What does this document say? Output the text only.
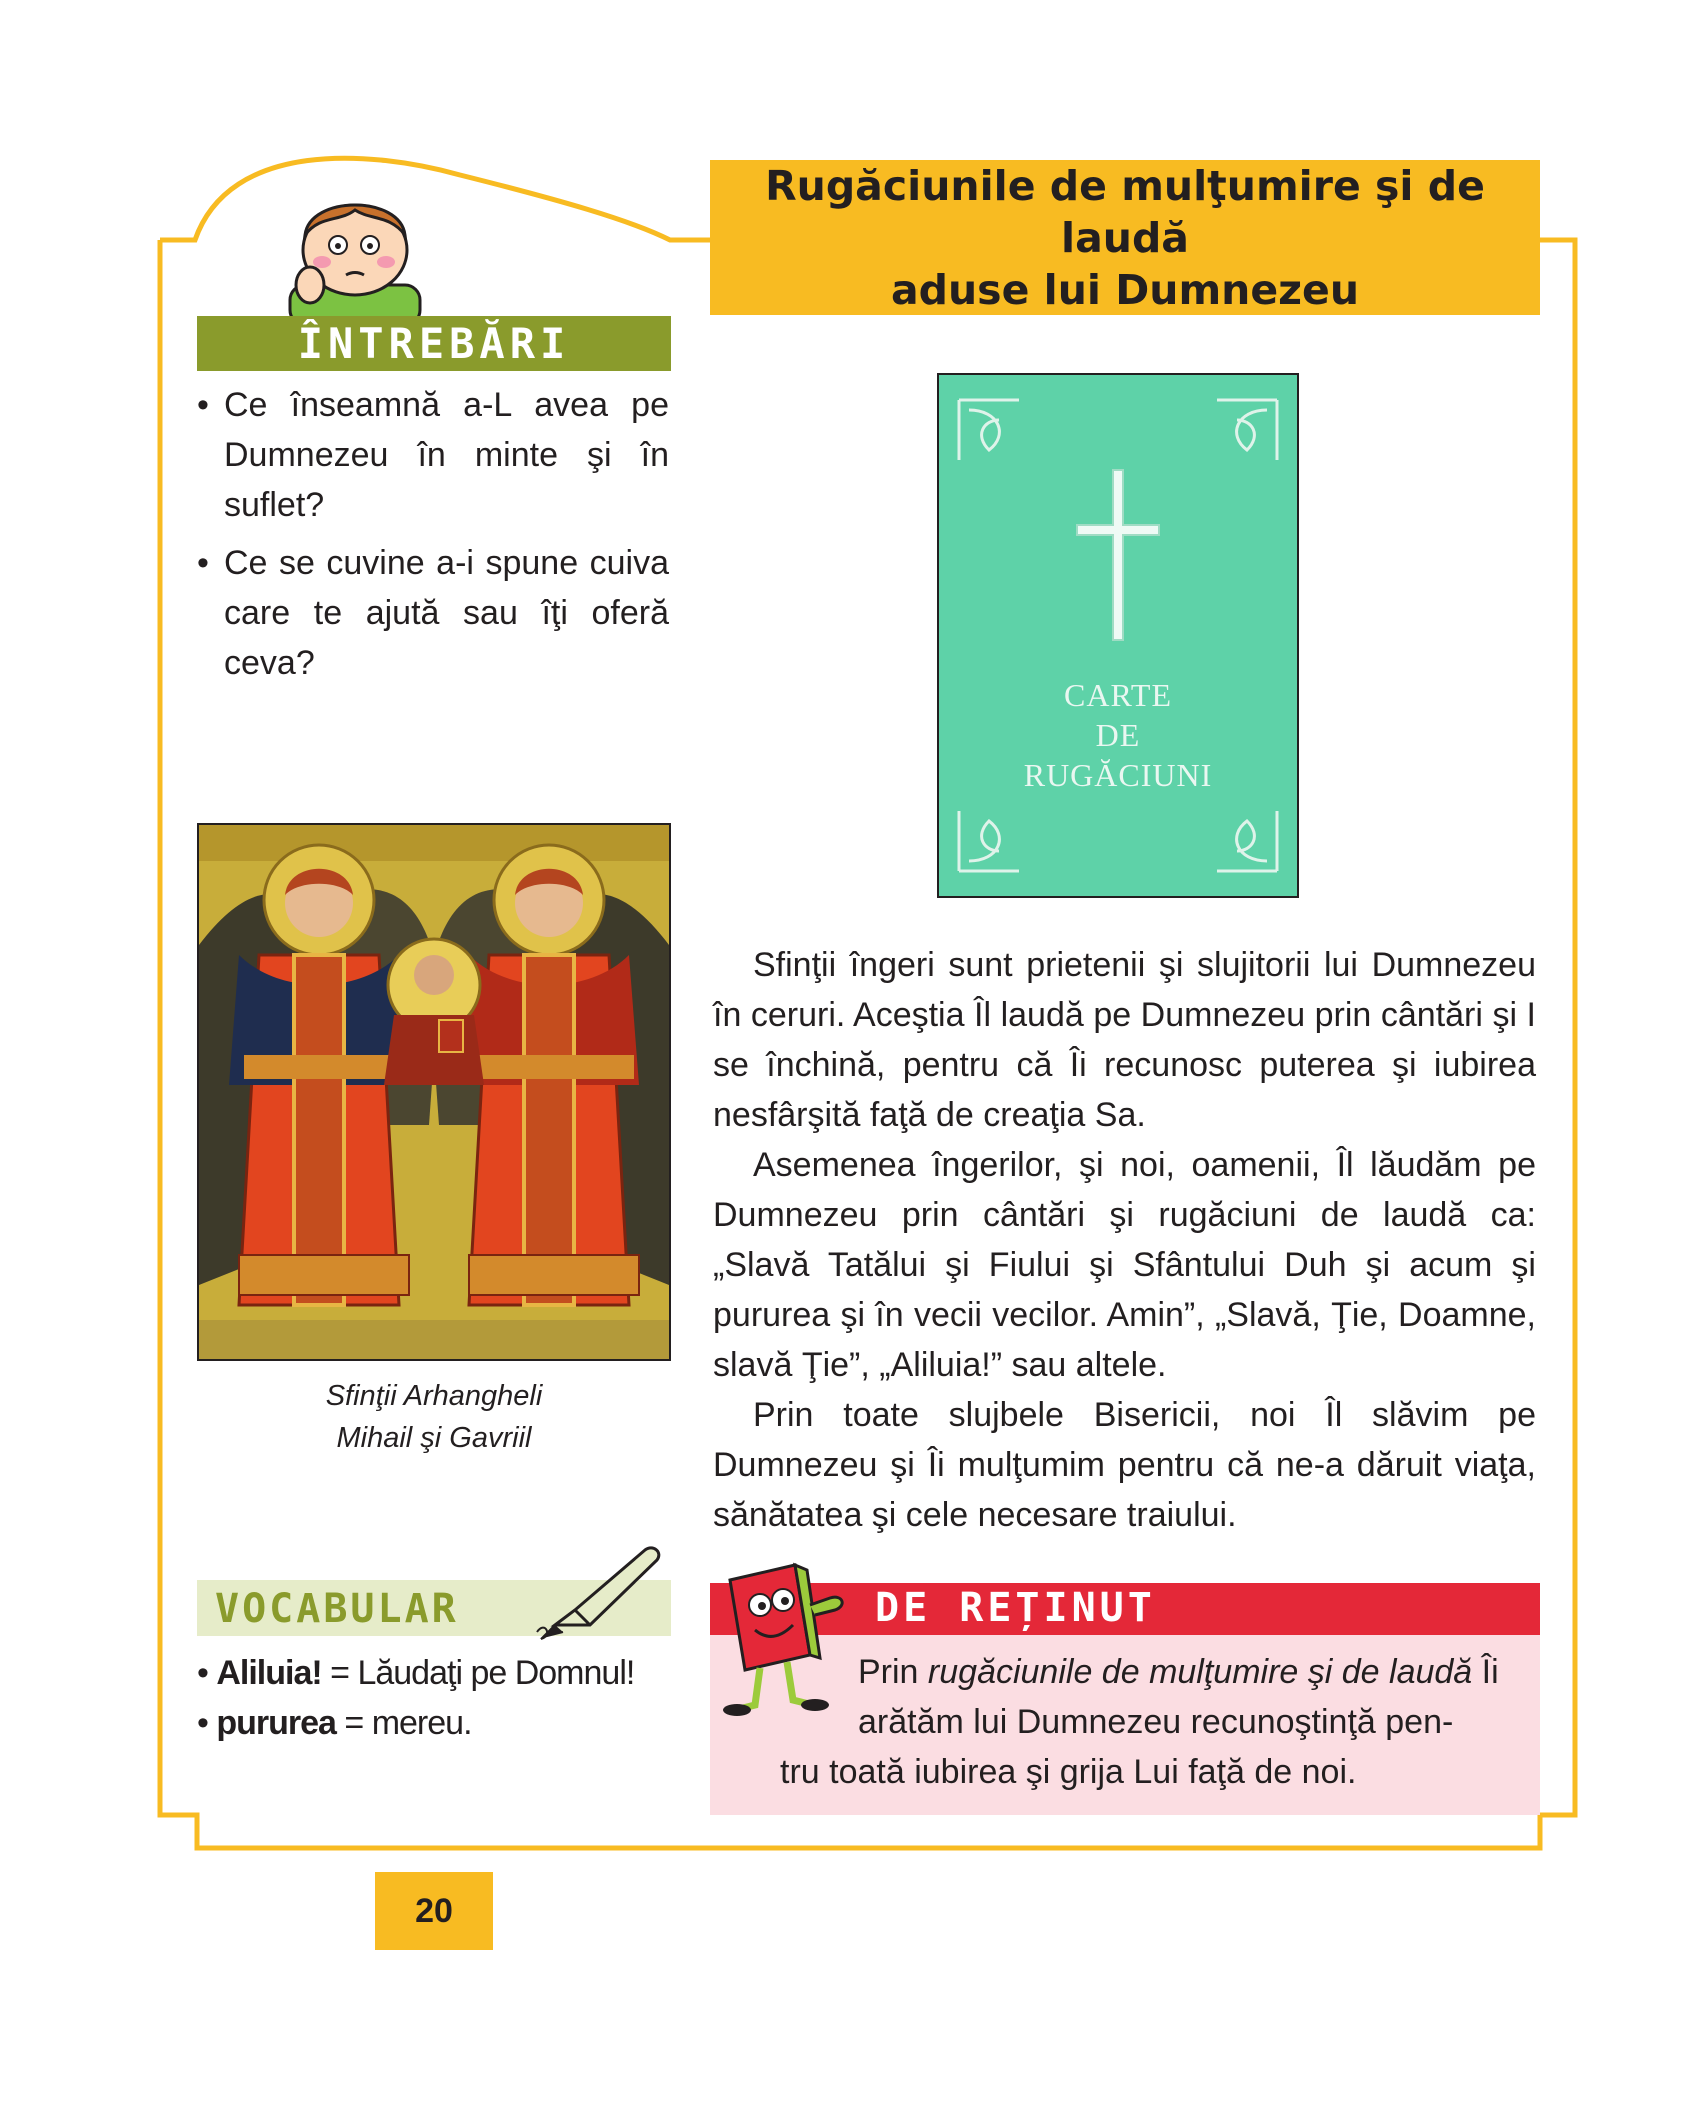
Rugăciunile de mulţumire şi de laudă
aduse lui Dumnezeu
ÎNTREBĂRI
• Ce înseamnă a-L avea pe Dumnezeu în minte şi în suflet?
• Ce se cuvine a-i spune cuiva care te ajută sau îţi oferă ceva?
Sfinţii Arhangheli
Mihail şi Gavriil
VOCABULAR
• Aliluia! = Lăudaţi pe Domnul!
• pururea = mereu.
CARTE
DE
RUGĂCIUNI

Sfinţii îngeri sunt prietenii şi slujitorii lui Dumnezeu în ceruri. Aceştia Îl laudă pe Dumnezeu prin cântări şi I se închină, pentru că Îi recunosc puterea şi iubirea nesfârşită faţă de creaţia Sa.

Asemenea îngerilor, şi noi, oamenii, Îl lăudăm pe Dumnezeu prin cântări şi rugăciuni de laudă ca: „Slavă Tatălui şi Fiului şi Sfântului Duh şi acum şi pururea şi în vecii vecilor. Amin”, „Slavă, Ţie, Doamne, slavă Ţie”, „Aliluia!” sau altele.

Prin toate slujbele Bisericii, noi Îl slăvim pe Dumnezeu şi Îi mulţumim pentru că ne-a dăruit viaţa, sănătatea şi cele necesare traiului.

DE REȚINUT
Prin rugăciunile de mulţumire şi de laudă Îi
arătăm lui Dumnezeu recunoştinţă pen-
tru toată iubirea şi grija Lui faţă de noi.
20
